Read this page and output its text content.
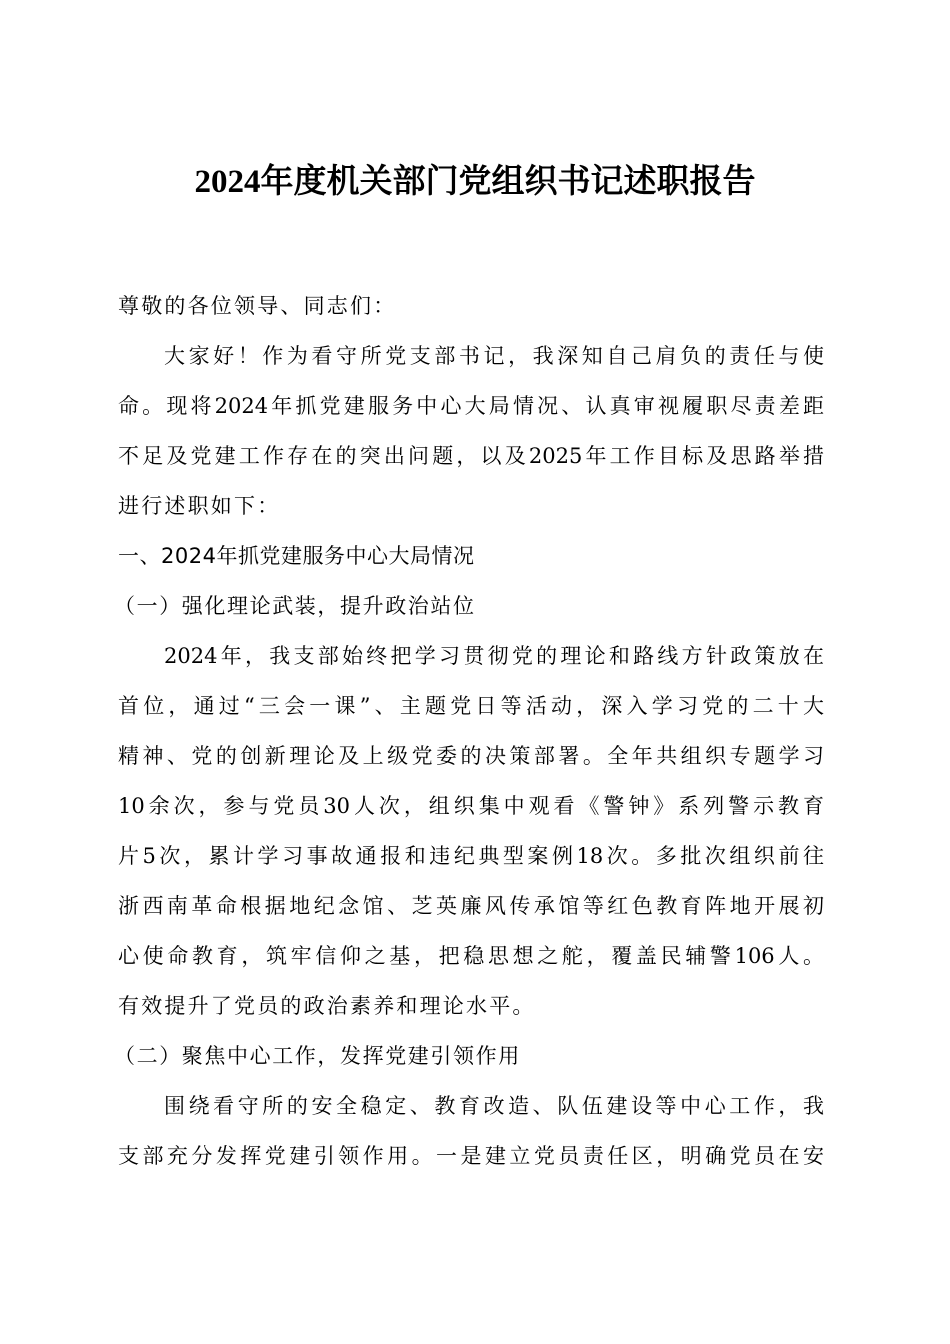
2024年度机关部门党组织书记述职报告

尊敬的各位领导、同志们：

大家好！作为看守所党支部书记，我深知自己肩负的责任与使

命。现将2024年抓党建服务中心大局情况、认真审视履职尽责差距

不足及党建工作存在的突出问题，以及2025年工作目标及思路举措

进行述职如下：

一、2024年抓党建服务中心大局情况

（一）强化理论武装，提升政治站位

2024年，我支部始终把学习贯彻党的理论和路线方针政策放在

首位，通过“三会一课”、主题党日等活动，深入学习党的二十大

精神、党的创新理论及上级党委的决策部署。全年共组织专题学习

10余次，参与党员30人次，组织集中观看《警钟》系列警示教育

片5次，累计学习事故通报和违纪典型案例18次。多批次组织前往

浙西南革命根据地纪念馆、芝英廉风传承馆等红色教育阵地开展初

心使命教育，筑牢信仰之基，把稳思想之舵，覆盖民辅警106人。

有效提升了党员的政治素养和理论水平。

（二）聚焦中心工作，发挥党建引领作用

围绕看守所的安全稳定、教育改造、队伍建设等中心工作，我

支部充分发挥党建引领作用。一是建立党员责任区，明确党员在安
